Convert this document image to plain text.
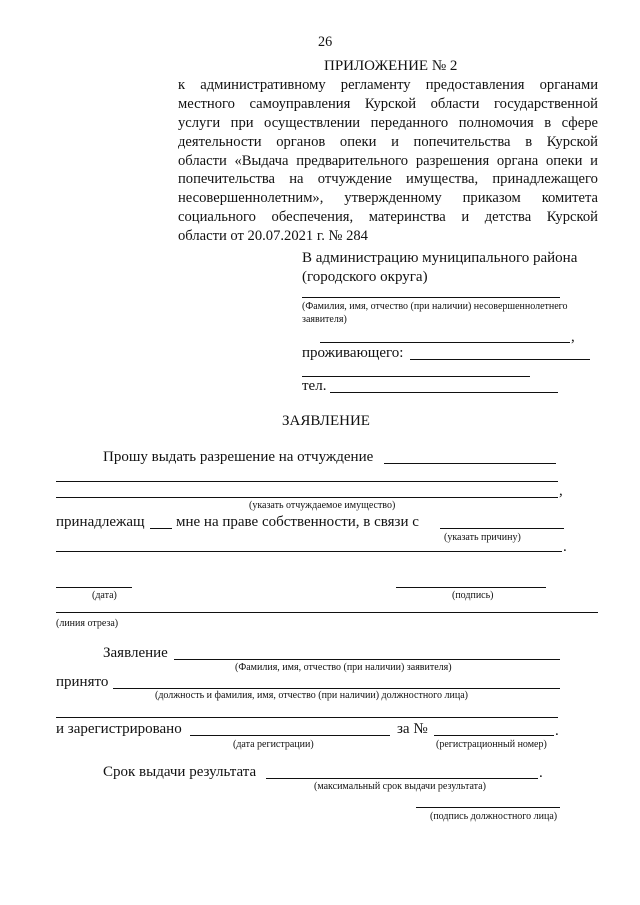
26
ПРИЛОЖЕНИЕ № 2
к административному регламенту предоставления органами
местного самоуправления Курской области государственной
услуги при осуществлении переданного полномочия в сфере
деятельности органов опеки и попечительства в Курской
области «Выдача предварительного разрешения органа опеки и
попечительства на отчуждение имущества, принадлежащего
несовершеннолетним», утвержденному приказом комитета
социального обеспечения, материнства и детства Курской
области от 20.07.2021 г. № 284
В администрацию муниципального района
(городского округа)
(Фамилия, имя, отчество (при наличии) несовершеннолетнего
заявителя)
,
проживающего:
тел.
ЗАЯВЛЕНИЕ
Прошу выдать разрешение на отчуждение
,
(указать отчуждаемое имущество)
принадлежащ мне на праве собственности, в связи с
(указать причину)
.
(дата)	(подпись)
(линия отреза)
Заявление
(Фамилия, имя, отчество (при наличии) заявителя)
принято
(должность и фамилия, имя, отчество (при наличии) должностного лица)
и зарегистрировано	за №	.
(дата регистрации)	(регистрационный номер)
Срок выдачи результата	.
(максимальный срок выдачи результата)
(подпись должностного лица)
